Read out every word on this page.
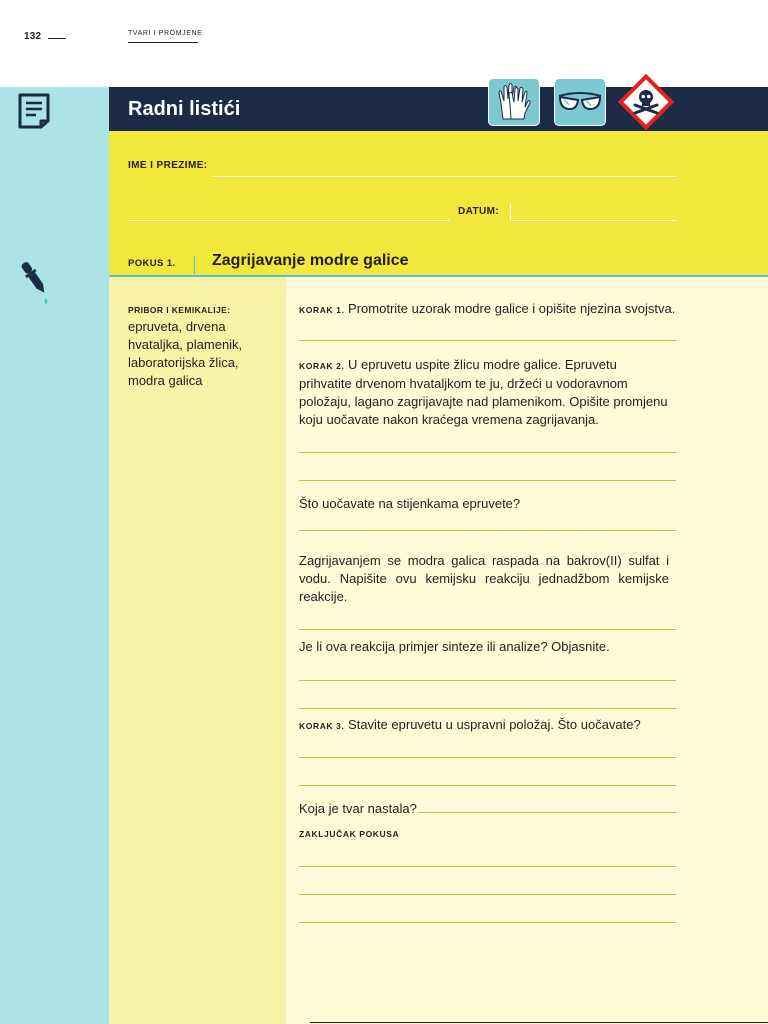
132	TVARI I PROMJENE
Radni listići
IME I PREZIME:
DATUM:
POKUS 1. Zagrijavanje modre galice
PRIBOR I KEMIKALIJE:
epruveta, drvena hvataljka, plamenik, laboratorijska žlica, modra galica
KORAK 1. Promotrite uzorak modre galice i opišite njezina svojstva.
KORAK 2. U epruvetu uspite žlicu modre galice. Epruvetu prihvatite drvenom hvataljkom te ju, držeći u vodoravnom položaju, lagano zagrijavajte nad plamenikom. Opišite promjenu koju uočavate nakon kraćega vremena zagrijavanja.
Što uočavate na stijenkama epruvete?
Zagrijavanjem se modra galica raspada na bakrov(II) sulfat i vodu. Napišite ovu kemijsku reakciju jednadžbom kemijske reakcije.
Je li ova reakcija primjer sinteze ili analize? Objasnite.
KORAK 3. Stavite epruvetu u uspravni položaj. Što uočavate?
Koja je tvar nastala?
ZAKLJUČAK POKUSA
